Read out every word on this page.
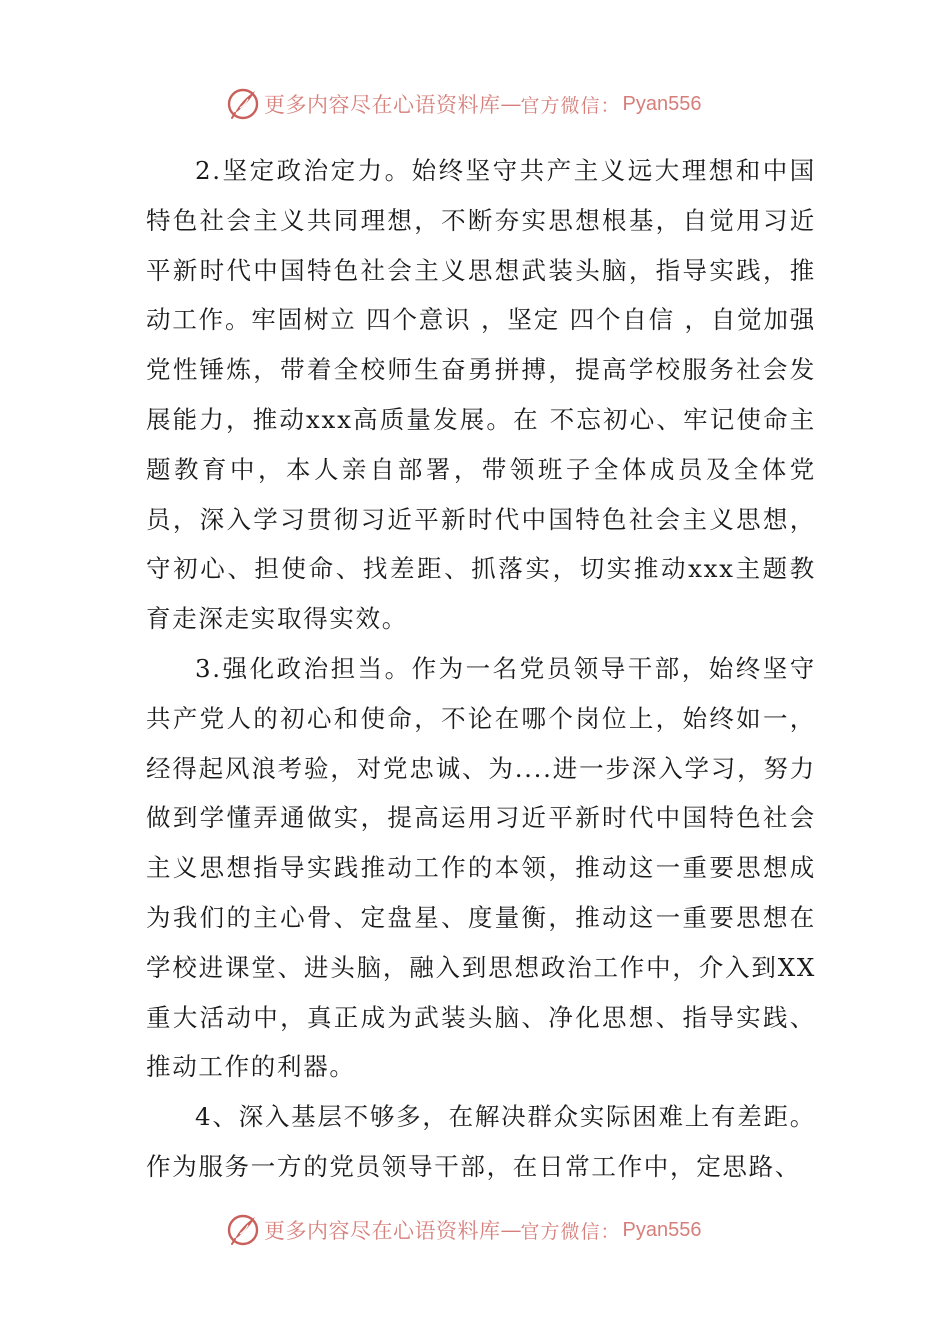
更多内容尽在心语资料库 — 官方微信： Pyan556

2.坚定政治定力。始终坚守共产主义远大理想和中国特色社会主义共同理想，不断夯实思想根基，自觉用习近平新时代中国特色社会主义思想武装头脑，指导实践，推动工作。牢固树立 四个意识 ，坚定 四个自信 ，自觉加强党性锤炼，带着全校师生奋勇拼搏，提高学校服务社会发展能力，推动xxx高质量发展。在 不忘初心、牢记使命主题教育中，本人亲自部署，带领班子全体成员及全体党员，深入学习贯彻习近平新时代中国特色社会主义思想，守初心、担使命、找差距、抓落实，切实推动xxx主题教育走深走实取得实效。

3.强化政治担当。作为一名党员领导干部，始终坚守共产党人的初心和使命，不论在哪个岗位上，始终如一，经得起风浪考验，对党忠诚、为....进一步深入学习，努力做到学懂弄通做实，提高运用习近平新时代中国特色社会主义思想指导实践推动工作的本领，推动这一重要思想成为我们的主心骨、定盘星、度量衡，推动这一重要思想在学校进课堂、进头脑，融入到思想政治工作中，介入到XX重大活动中，真正成为武装头脑、净化思想、指导实践、推动工作的利器。

4、深入基层不够多，在解决群众实际困难上有差距。作为服务一方的党员领导干部，在日常工作中，定思路、

更多内容尽在心语资料库 — 官方微信： Pyan556
